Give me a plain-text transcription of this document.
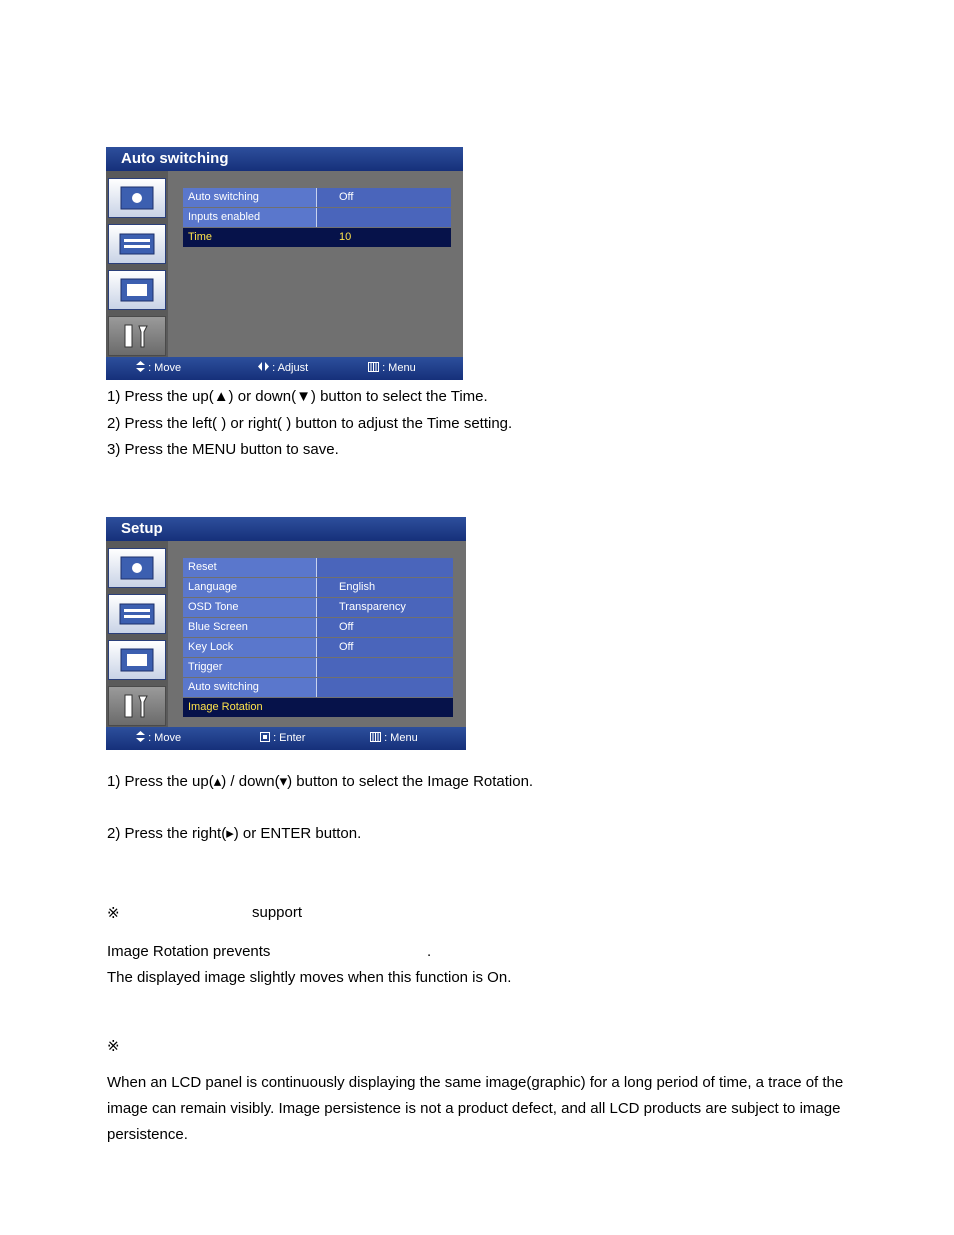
Auto switching
Auto switching	Off
Inputs enabled
Time	10
: Move	: Adjust	: Menu
1) Press the up(▲) or down(▼) button to select the Time.
2) Press the left( ) or right( ) button to adjust the Time setting.
3) Press the MENU button to save.
Setup
Reset
Language	English
OSD Tone	Transparency
Blue Screen	Off
Key Lock	Off
Trigger
Auto switching
Image Rotation
: Move	: Enter	: Menu
1) Press the up(▴) / down(▾) button to select the Image Rotation.
2) Press the right(▸) or ENTER button.
※	support
Image Rotation prevents	.
The displayed image slightly moves when this function is On.
※
When an LCD panel is continuously displaying the same image(graphic) for a long period of time, a trace of the image can remain visibly. Image persistence is not a product defect, and all LCD products are subject to image persistence.
